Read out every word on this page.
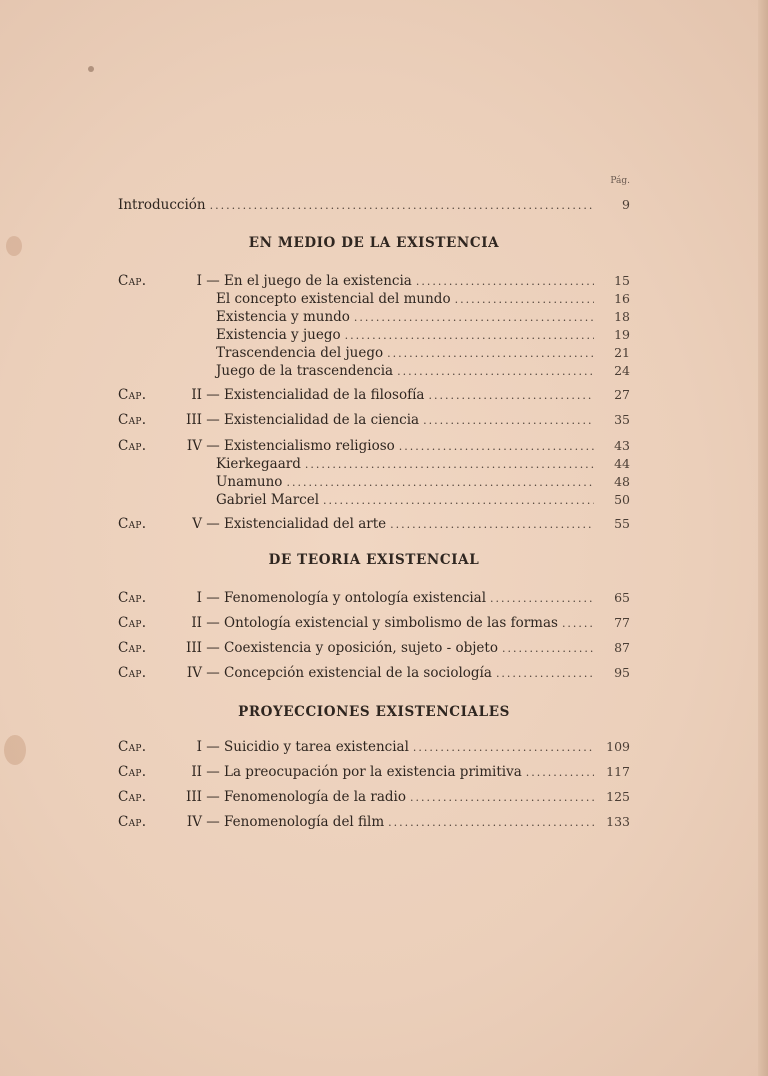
Pág.
Introducción .....	9
EN MEDIO DE LA EXISTENCIA
Cap.	I — En el juego de la existencia .....	15
El concepto existencial del mundo .....	16
Existencia y mundo .....	18
Existencia y juego .....	19
Trascendencia del juego .....	21
Juego de la trascendencia .....	24
Cap.	II — Existencialidad de la filosofía .....	27
Cap.	III — Existencialidad de la ciencia .....	35
Cap.	IV — Existencialismo religioso .....	43
Kierkegaard .....	44
Unamuno .....	48
Gabriel Marcel .....	50
Cap.	V — Existencialidad del arte .....	55
DE TEORIA EXISTENCIAL
Cap.	I — Fenomenología y ontología existencial .....	65
Cap.	II — Ontología existencial y simbolismo de las formas .....	77
Cap.	III — Coexistencia y oposición, sujeto - objeto .....	87
Cap.	IV — Concepción existencial de la sociología .....	95
PROYECCIONES EXISTENCIALES
Cap.	I — Suicidio y tarea existencial .....	109
Cap.	II — La preocupación por la existencia primitiva .....	117
Cap.	III — Fenomenología de la radio .....	125
Cap.	IV — Fenomenología del film .....	133
